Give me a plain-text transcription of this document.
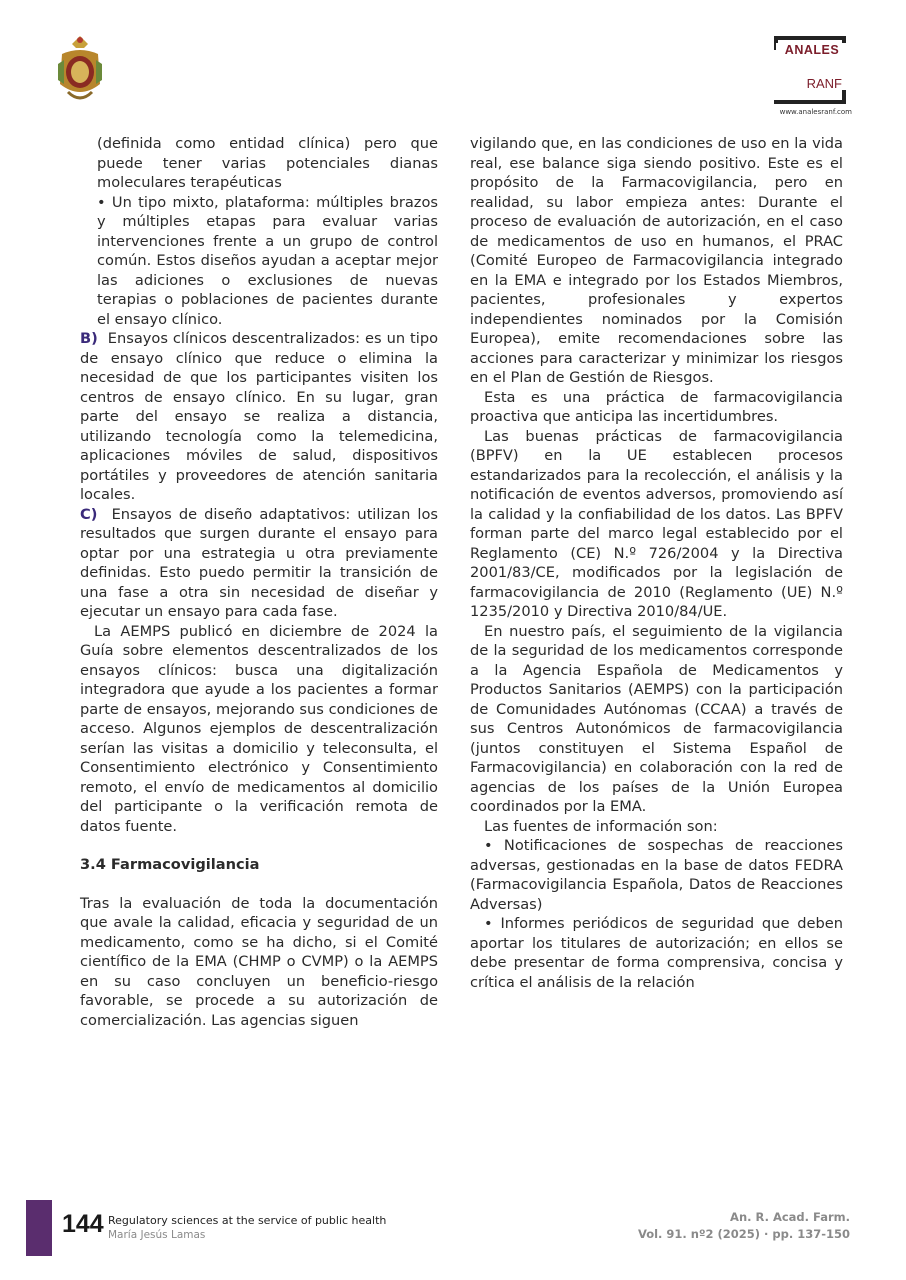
ANALES
RANF
www.analesranf.com

(definida como entidad clínica) pero que puede tener varias potenciales dianas moleculares terapéuticas

• Un tipo mixto, plataforma: múltiples brazos y múltiples etapas para evaluar varias intervenciones frente a un grupo de control común. Estos diseños ayudan a aceptar mejor las adiciones o exclusiones de nuevas terapias o poblaciones de pacientes durante el ensayo clínico.

B) Ensayos clínicos descentralizados: es un tipo de ensayo clínico que reduce o elimina la necesidad de que los participantes visiten los centros de ensayo clínico. En su lugar, gran parte del ensayo se realiza a distancia, utilizando tecnología como la telemedicina, aplicaciones móviles de salud, dispositivos portátiles y proveedores de atención sanitaria locales.

C) Ensayos de diseño adaptativos: utilizan los resultados que surgen durante el ensayo para optar por una estrategia u otra previamente definidas. Esto puedo permitir la transición de una fase a otra sin necesidad de diseñar y ejecutar un ensayo para cada fase.

La AEMPS publicó en diciembre de 2024 la Guía sobre elementos descentralizados de los ensayos clínicos: busca una digitalización integradora que ayude a los pacientes a formar parte de ensayos, mejorando sus condiciones de acceso. Algunos ejemplos de descentralización serían las visitas a domicilio y teleconsulta, el Consentimiento electrónico y Consentimiento remoto, el envío de medicamentos al domicilio del participante o la verificación remota de datos fuente.

3.4 Farmacovigilancia

Tras la evaluación de toda la documentación que avale la calidad, eficacia y seguridad de un medicamento, como se ha dicho, si el Comité científico de la EMA (CHMP o CVMP) o la AEMPS en su caso concluyen un beneficio-riesgo favorable, se procede a su autorización de comercialización. Las agencias siguen

vigilando que, en las condiciones de uso en la vida real, ese balance siga siendo positivo. Este es el propósito de la Farmacovigilancia, pero en realidad, su labor empieza antes: Durante el proceso de evaluación de autorización, en el caso de medicamentos de uso en humanos, el PRAC (Comité Europeo de Farmacovigilancia integrado en la EMA e integrado por los Estados Miembros, pacientes, profesionales y expertos independientes nominados por la Comisión Europea), emite recomendaciones sobre las acciones para caracterizar y minimizar los riesgos en el Plan de Gestión de Riesgos.

Esta es una práctica de farmacovigilancia proactiva que anticipa las incertidumbres.

Las buenas prácticas de farmacovigilancia (BPFV) en la UE establecen procesos estandarizados para la recolección, el análisis y la notificación de eventos adversos, promoviendo así la calidad y la confiabilidad de los datos. Las BPFV forman parte del marco legal establecido por el Reglamento (CE) N.º 726/2004 y la Directiva 2001/83/CE, modificados por la legislación de farmacovigilancia de 2010 (Reglamento (UE) N.º 1235/2010 y Directiva 2010/84/UE.

En nuestro país, el seguimiento de la vigilancia de la seguridad de los medicamentos corresponde a la Agencia Española de Medicamentos y Productos Sanitarios (AEMPS) con la participación de Comunidades Autónomas (CCAA) a través de sus Centros Autonómicos de farmacovigilancia (juntos constituyen el Sistema Español de Farmacovigilancia) en colaboración con la red de agencias de los países de la Unión Europea coordinados por la EMA.

Las fuentes de información son:

• Notificaciones de sospechas de reacciones adversas, gestionadas en la base de datos FEDRA (Farmacovigilancia Española, Datos de Reacciones Adversas)

• Informes periódicos de seguridad que deben aportar los titulares de autorización; en ellos se debe presentar de forma comprensiva, concisa y crítica el análisis de la relación

144 Regulatory sciences at the service of public health
María Jesús Lamas
An. R. Acad. Farm.
Vol. 91. nº2 (2025) · pp. 137-150
